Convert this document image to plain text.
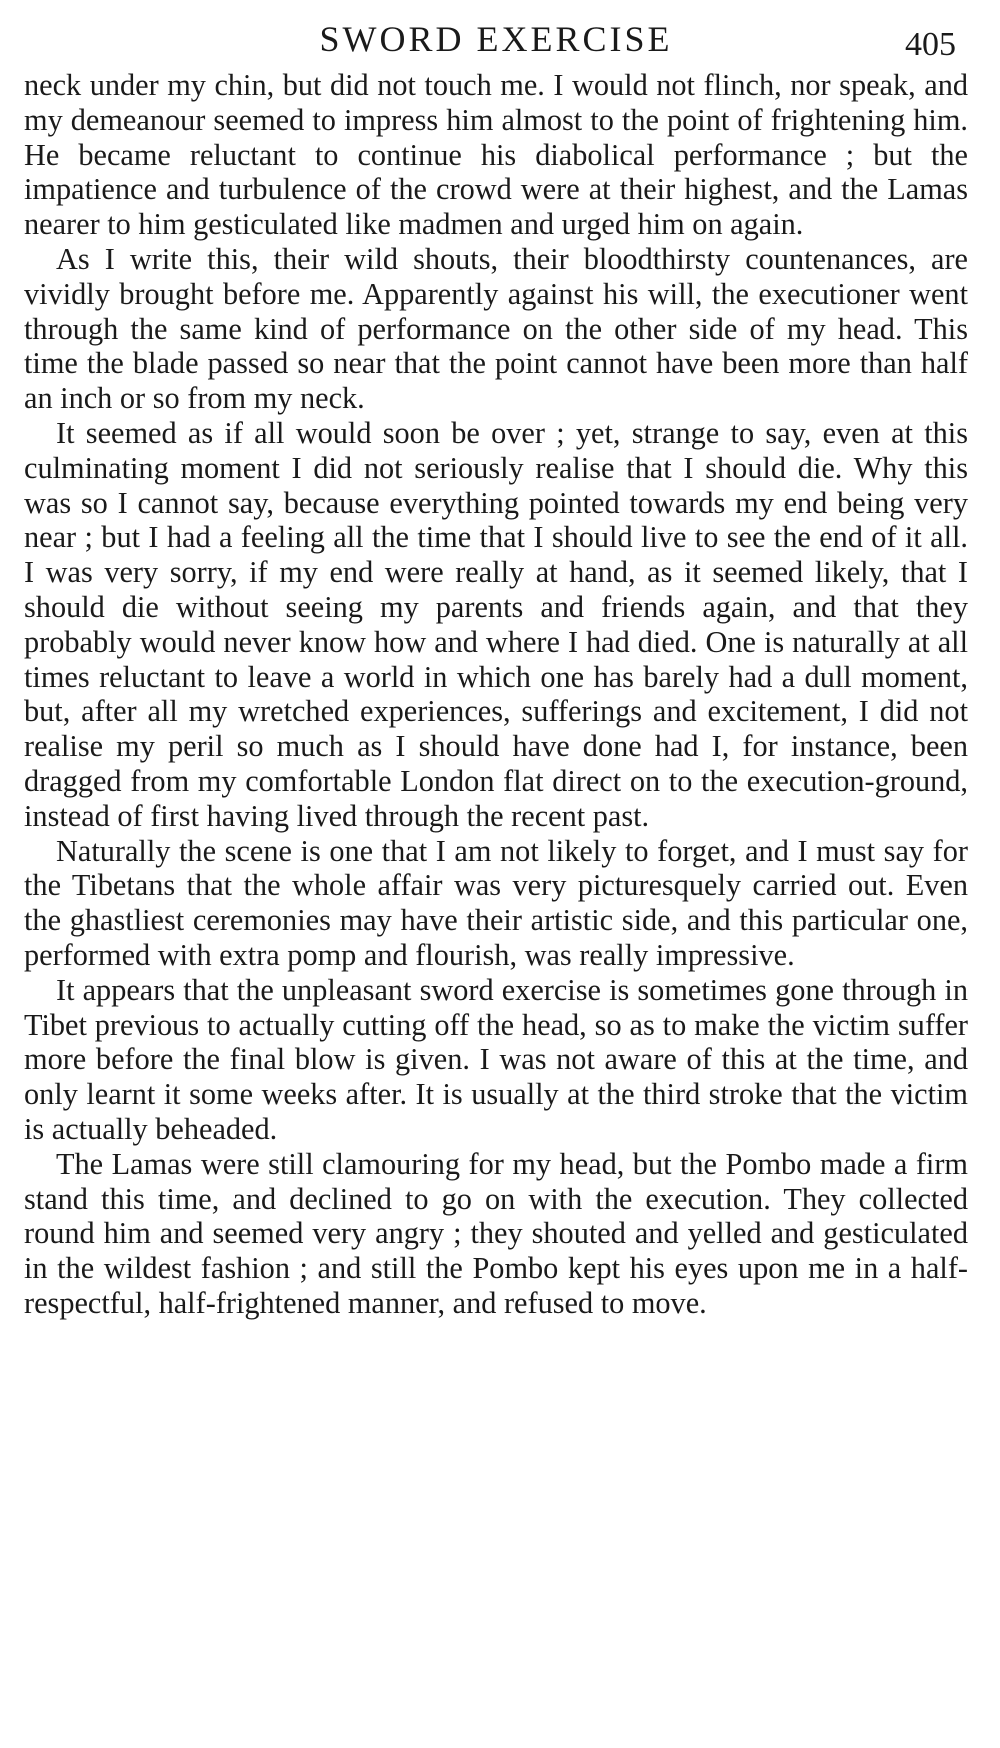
SWORD EXERCISE	405

neck under my chin, but did not touch me. I would not flinch, nor speak, and my demeanour seemed to impress him almost to the point of frightening him. He became reluctant to continue his diabolical performance ; but the impatience and turbulence of the crowd were at their highest, and the Lamas nearer to him gesticulated like madmen and urged him on again.

As I write this, their wild shouts, their bloodthirsty countenances, are vividly brought before me. Apparently against his will, the executioner went through the same kind of performance on the other side of my head. This time the blade passed so near that the point cannot have been more than half an inch or so from my neck.

It seemed as if all would soon be over ; yet, strange to say, even at this culminating moment I did not seriously realise that I should die. Why this was so I cannot say, because everything pointed towards my end being very near ; but I had a feeling all the time that I should live to see the end of it all. I was very sorry, if my end were really at hand, as it seemed likely, that I should die without seeing my parents and friends again, and that they probably would never know how and where I had died. One is naturally at all times reluctant to leave a world in which one has barely had a dull moment, but, after all my wretched experiences, sufferings and excitement, I did not realise my peril so much as I should have done had I, for instance, been dragged from my comfortable London flat direct on to the execution-ground, instead of first having lived through the recent past.

Naturally the scene is one that I am not likely to forget, and I must say for the Tibetans that the whole affair was very picturesquely carried out. Even the ghastliest ceremonies may have their artistic side, and this particular one, performed with extra pomp and flourish, was really impressive.

It appears that the unpleasant sword exercise is sometimes gone through in Tibet previous to actually cutting off the head, so as to make the victim suffer more before the final blow is given. I was not aware of this at the time, and only learnt it some weeks after. It is usually at the third stroke that the victim is actually beheaded.

The Lamas were still clamouring for my head, but the Pombo made a firm stand this time, and declined to go on with the execution. They collected round him and seemed very angry ; they shouted and yelled and gesticulated in the wildest fashion ; and still the Pombo kept his eyes upon me in a half-respectful, half-frightened manner, and refused to move.
